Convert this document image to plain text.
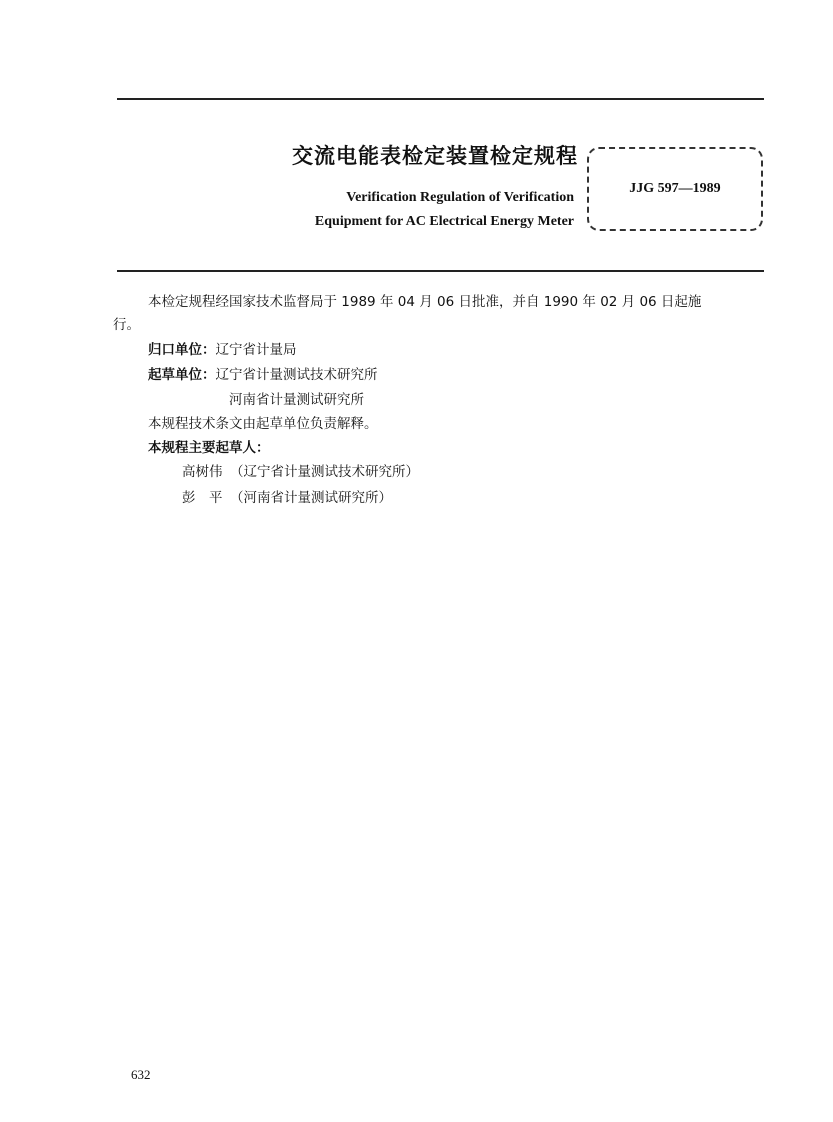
交流电能表检定装置检定规程
Verification Regulation of Verification
Equipment for AC Electrical Energy Meter
JJG 597—1989
本检定规程经国家技术监督局于 1989 年 04 月 06 日批准，并自 1990 年 02 月 06 日起施
行。
归口单位：辽宁省计量局
起草单位：辽宁省计量测试技术研究所
河南省计量测试研究所
本规程技术条文由起草单位负责解释。
本规程主要起草人：
高树伟 （辽宁省计量测试技术研究所）
彭　平 （河南省计量测试研究所）
632
